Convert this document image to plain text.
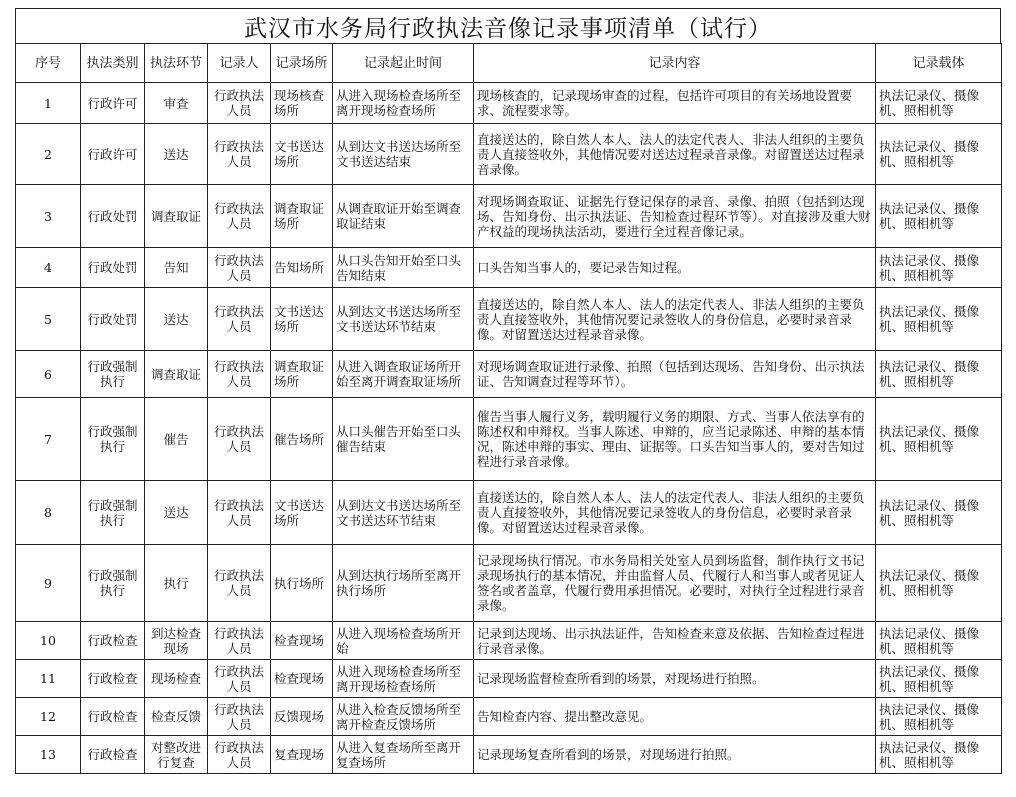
武汉市水务局行政执法音像记录事项清单（试行）
序号	执法类别	执法环节	记录人	记录场所	记录起止时间	记录内容	记录载体
1	行政许可	审查	行政执法人员	现场核查场所	从进入现场检查场所至离开现场检查场所	现场核查的，记录现场审查的过程，包括许可项目的有关场地设置要求、流程要求等。	执法记录仪、摄像机、照相机等
2	行政许可	送达	行政执法人员	文书送达场所	从到达文书送达场所至文书送达结束	直接送达的，除自然人本人、法人的法定代表人、非法人组织的主要负责人直接签收外，其他情况要对送达过程录音录像。对留置送达过程录音录像。	执法记录仪、摄像机、照相机等
3	行政处罚	调查取证	行政执法人员	调查取证场所	从调查取证开始至调查取证结束	对现场调查取证、证据先行登记保存的录音、录像、拍照（包括到达现场、告知身份、出示执法证、告知检查过程环节等）。对直接涉及重大财产权益的现场执法活动，要进行全过程音像记录。	执法记录仪、摄像机、照相机等
4	行政处罚	告知	行政执法人员	告知场所	从口头告知开始至口头告知结束	口头告知当事人的，要记录告知过程。	执法记录仪、摄像机、照相机等
5	行政处罚	送达	行政执法人员	文书送达场所	从到达文书送达场所至文书送达环节结束	直接送达的，除自然人本人、法人的法定代表人、非法人组织的主要负责人直接签收外，其他情况要记录签收人的身份信息，必要时录音录像。对留置送达过程录音录像。	执法记录仪、摄像机、照相机等
6	行政强制执行	调查取证	行政执法人员	调查取证场所	从进入调查取证场所开始至离开调查取证场所	对现场调查取证进行录像、拍照（包括到达现场、告知身份、出示执法证、告知调查过程等环节）。	执法记录仪、摄像机、照相机等
7	行政强制执行	催告	行政执法人员	催告场所	从口头催告开始至口头催告结束	催告当事人履行义务，载明履行义务的期限、方式、当事人依法享有的陈述权和申辩权。当事人陈述、申辩的，应当记录陈述、申辩的基本情况，陈述申辩的事实、理由、证据等。口头告知当事人的，要对告知过程进行录音录像。	执法记录仪、摄像机、照相机等
8	行政强制执行	送达	行政执法人员	文书送达场所	从到达文书送达场所至文书送达环节结束	直接送达的，除自然人本人、法人的法定代表人、非法人组织的主要负责人直接签收外，其他情况要记录签收人的身份信息，必要时录音录像。对留置送达过程录音录像。	执法记录仪、摄像机、照相机等
9	行政强制执行	执行	行政执法人员	执行场所	从到达执行场所至离开执行场所	记录现场执行情况。市水务局相关处室人员到场监督，制作执行文书记录现场执行的基本情况，并由监督人员、代履行人和当事人或者见证人签名或者盖章，代履行费用承担情况。必要时，对执行全过程进行录音录像。	执法记录仪、摄像机、照相机等
10	行政检查	到达检查现场	行政执法人员	检查现场	从进入现场检查场所开始	记录到达现场、出示执法证件，告知检查来意及依据、告知检查过程进行录音录像。	执法记录仪、摄像机、照相机等
11	行政检查	现场检查	行政执法人员	检查现场	从进入现场检查场所至离开现场检查场所	记录现场监督检查所看到的场景，对现场进行拍照。	执法记录仪、摄像机、照相机等
12	行政检查	检查反馈	行政执法人员	反馈现场	从进入检查反馈场所至离开检查反馈场所	告知检查内容、提出整改意见。	执法记录仪、摄像机、照相机等
13	行政检查	对整改进行复查	行政执法人员	复查现场	从进入复查场所至离开复查场所	记录现场复查所看到的场景，对现场进行拍照。	执法记录仪、摄像机、照相机等
